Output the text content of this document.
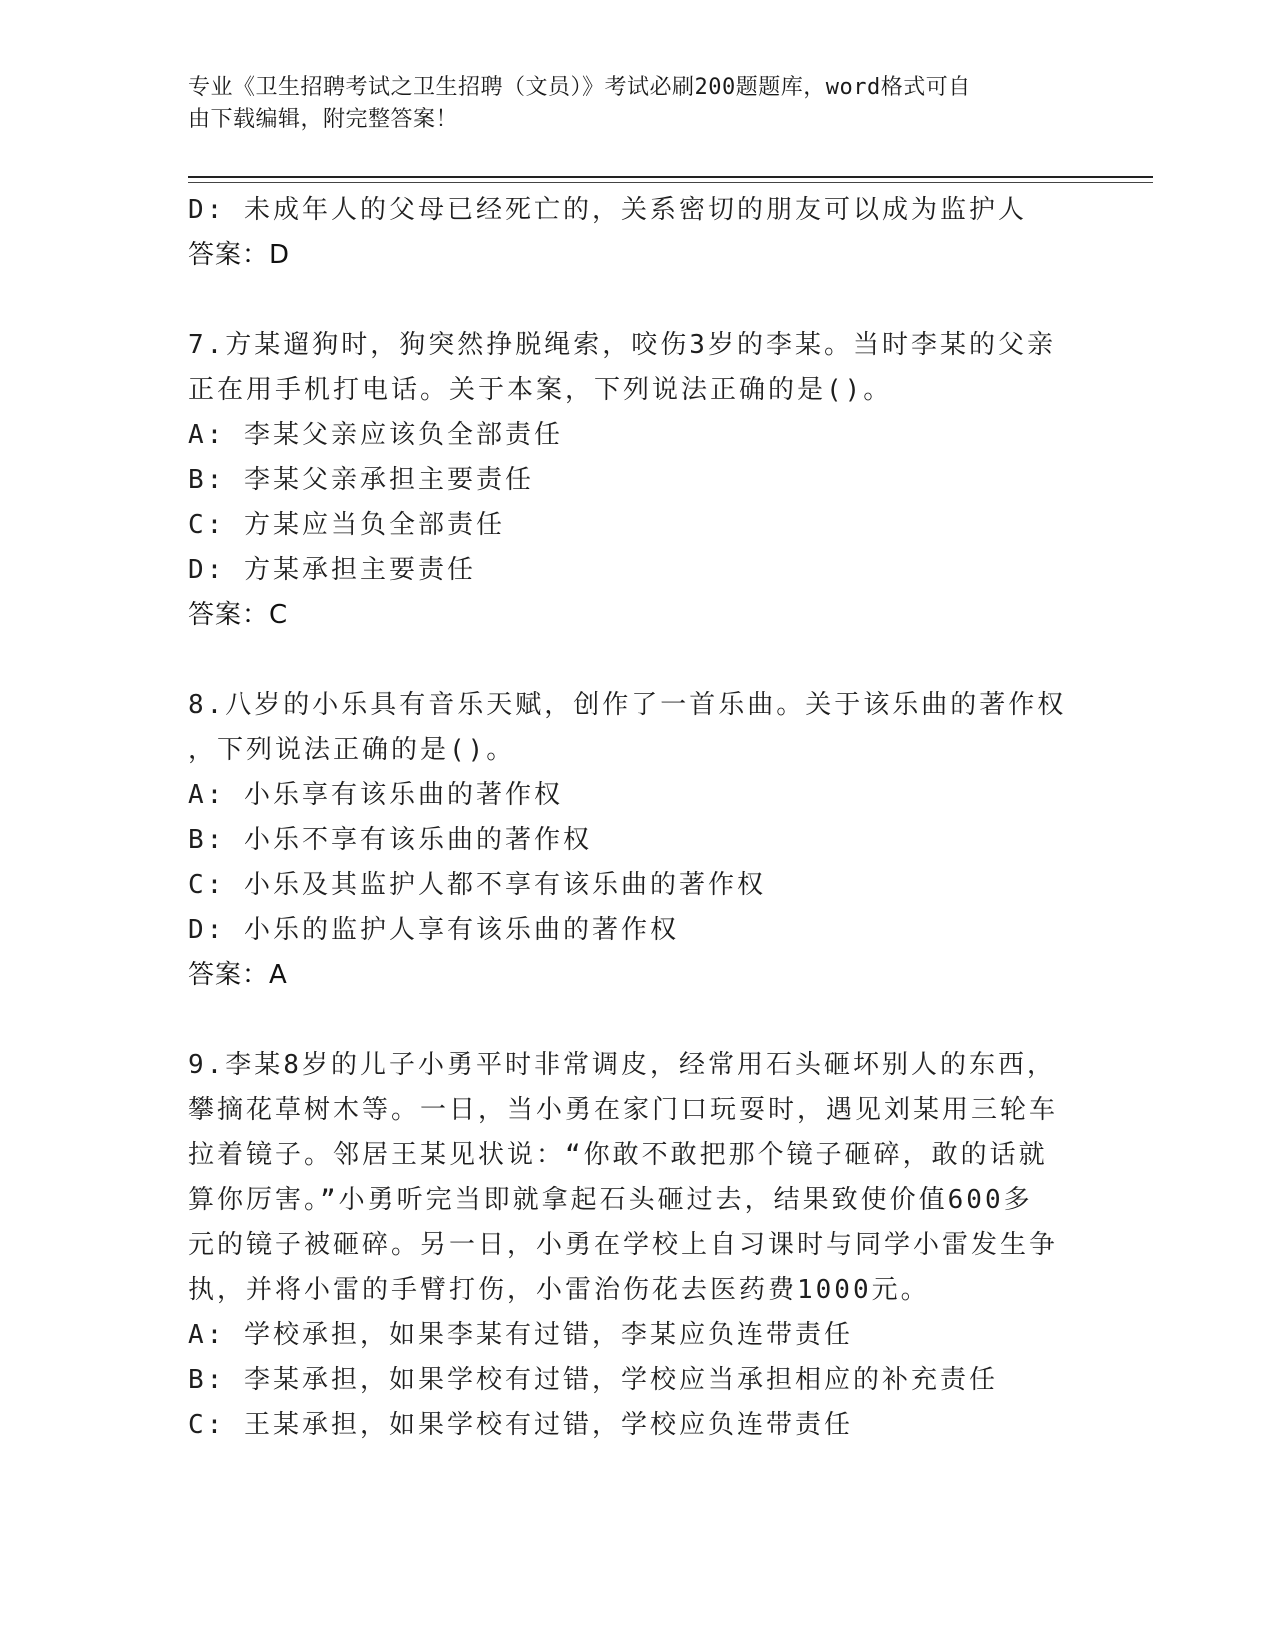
专业《卫生招聘考试之卫生招聘（文员）》考试必刷200题题库，word格式可自
由下载编辑，附完整答案！
D: 未成年人的父母已经死亡的，关系密切的朋友可以成为监护人
答案：D
7.方某遛狗时，狗突然挣脱绳索，咬伤3岁的李某。当时李某的父亲
正在用手机打电话。关于本案，下列说法正确的是()。
A: 李某父亲应该负全部责任
B: 李某父亲承担主要责任
C: 方某应当负全部责任
D: 方某承担主要责任
答案：C
8.八岁的小乐具有音乐天赋，创作了一首乐曲。关于该乐曲的著作权
，下列说法正确的是()。
A: 小乐享有该乐曲的著作权
B: 小乐不享有该乐曲的著作权
C: 小乐及其监护人都不享有该乐曲的著作权
D: 小乐的监护人享有该乐曲的著作权
答案：A
9.李某8岁的儿子小勇平时非常调皮，经常用石头砸坏别人的东西，
攀摘花草树木等。一日，当小勇在家门口玩耍时，遇见刘某用三轮车
拉着镜子。邻居王某见状说：“你敢不敢把那个镜子砸碎，敢的话就
算你厉害。”小勇听完当即就拿起石头砸过去，结果致使价值600多
元的镜子被砸碎。另一日，小勇在学校上自习课时与同学小雷发生争
执，并将小雷的手臂打伤，小雷治伤花去医药费1000元。
A: 学校承担，如果李某有过错，李某应负连带责任
B: 李某承担，如果学校有过错，学校应当承担相应的补充责任
C: 王某承担，如果学校有过错，学校应负连带责任
